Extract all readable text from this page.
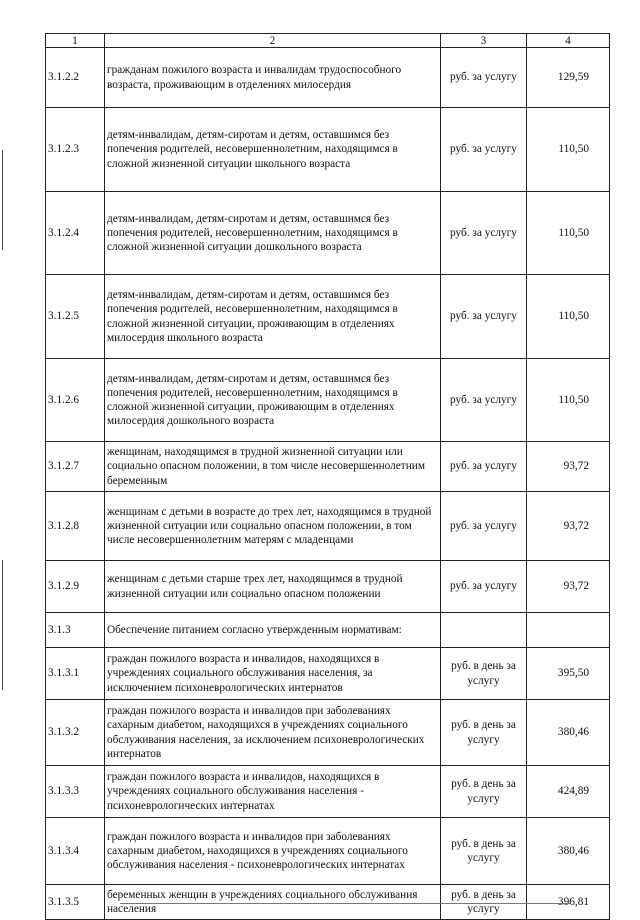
1	2	3	4
3.1.2.2	гражданам пожилого возраста и инвалидам трудоспособного возраста, проживающим в отделениях милосердия	руб. за услугу	129,59
3.1.2.3	детям-инвалидам, детям-сиротам и детям, оставшимся без попечения родителей, несовершеннолетним, находящимся в сложной жизненной ситуации школьного возраста	руб. за услугу	110,50
3.1.2.4	детям-инвалидам, детям-сиротам и детям, оставшимся без попечения родителей, несовершеннолетним, находящимся в сложной жизненной ситуации дошкольного возраста	руб. за услугу	110,50
3.1.2.5	детям-инвалидам, детям-сиротам и детям, оставшимся без попечения родителей, несовершеннолетним, находящимся в сложной жизненной ситуации, проживающим в отделениях милосердия школьного возраста	руб. за услугу	110,50
3.1.2.6	детям-инвалидам, детям-сиротам и детям, оставшимся без попечения родителей, несовершеннолетним, находящимся в сложной жизненной ситуации, проживающим в отделениях милосердия дошкольного возраста	руб. за услугу	110,50
3.1.2.7	женщинам, находящимся в трудной жизненной ситуации или социально опасном положении, в том числе несовершеннолетним беременным	руб. за услугу	93,72
3.1.2.8	женщинам с детьми в возрасте до трех лет, находящимся в трудной жизненной ситуации или социально опасном положении, в том числе несовершеннолетним матерям с младенцами	руб. за услугу	93,72
3.1.2.9	женщинам с детьми старше трех лет, находящимся в трудной жизненной ситуации или социально опасном положении	руб. за услугу	93,72
3.1.3	Обеспечение питанием согласно утвержденным нормативам:		
3.1.3.1	граждан пожилого возраста и инвалидов, находящихся в учреждениях социального обслуживания населения, за исключением психоневрологических интернатов	руб. в день за услугу	395,50
3.1.3.2	граждан пожилого возраста и инвалидов при заболеваниях сахарным диабетом, находящихся в учреждениях социального обслуживания населения, за исключением психоневрологических интернатов	руб. в день за услугу	380,46
3.1.3.3	граждан пожилого возраста и инвалидов, находящихся в учреждениях социального обслуживания населения - психоневрологических интернатах	руб. в день за услугу	424,89
3.1.3.4	граждан пожилого возраста и инвалидов при заболеваниях сахарным диабетом, находящихся в учреждениях социального обслуживания населения - психоневрологических интернатах	руб. в день за услугу	380,46
3.1.3.5	беременных женщин в учреждениях социального обслуживания населения	руб. в день за услугу	396,81
